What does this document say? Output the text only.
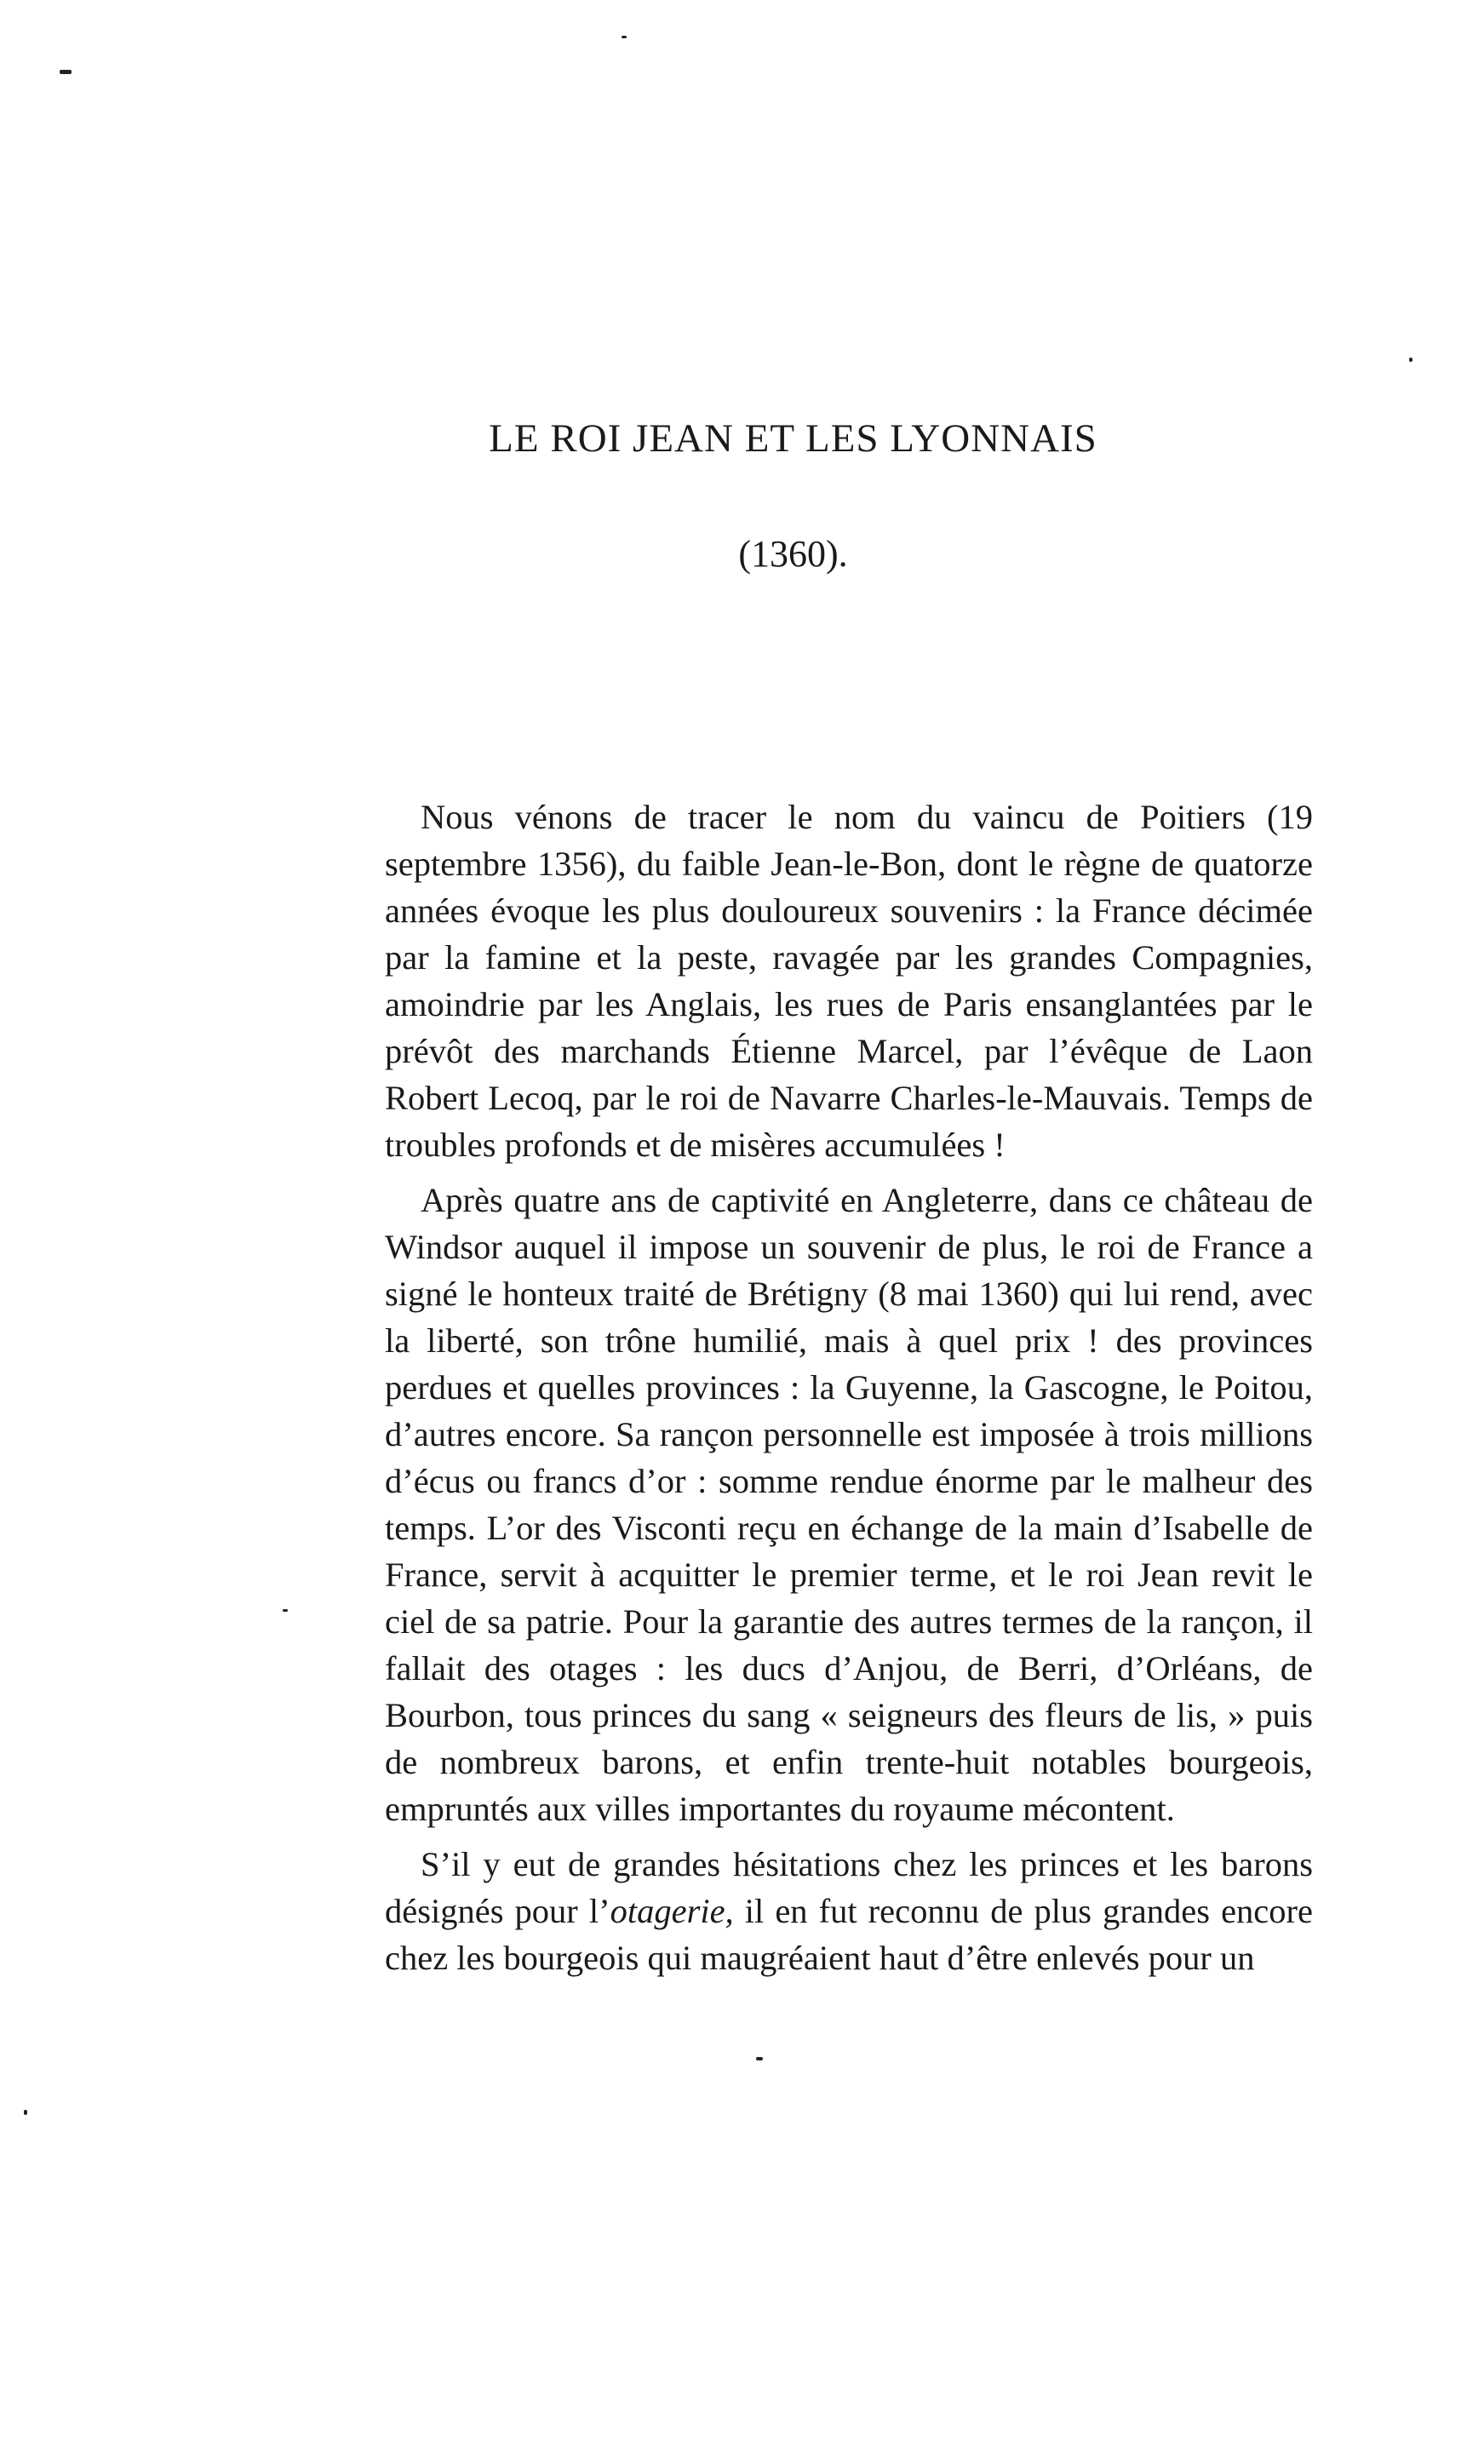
LE ROI JEAN ET LES LYONNAIS
(1360).

Nous vénons de tracer le nom du vaincu de Poitiers (19 septembre 1356), du faible Jean-le-Bon, dont le règne de quatorze années évoque les plus douloureux souvenirs : la France décimée par la famine et la peste, ravagée par les grandes Compagnies, amoindrie par les Anglais, les rues de Paris ensanglantées par le prévôt des marchands Étienne Marcel, par l’évêque de Laon Robert Lecoq, par le roi de Navarre Charles-le-Mauvais. Temps de troubles profonds et de misères accumulées !

Après quatre ans de captivité en Angleterre, dans ce château de Windsor auquel il impose un souvenir de plus, le roi de France a signé le honteux traité de Brétigny (8 mai 1360) qui lui rend, avec la liberté, son trône humilié, mais à quel prix ! des provinces perdues et quelles provinces : la Guyenne, la Gascogne, le Poitou, d’autres encore. Sa rançon personnelle est imposée à trois millions d’écus ou francs d’or : somme rendue énorme par le malheur des temps. L’or des Visconti reçu en échange de la main d’Isabelle de France, servit à acquitter le premier terme, et le roi Jean revit le ciel de sa patrie. Pour la garantie des autres termes de la rançon, il fallait des otages : les ducs d’Anjou, de Berri, d’Orléans, de Bourbon, tous princes du sang « seigneurs des fleurs de lis, » puis de nombreux barons, et enfin trente-huit notables bourgeois, empruntés aux villes importantes du royaume mécontent.

S’il y eut de grandes hésitations chez les princes et les barons désignés pour l’otagerie, il en fut reconnu de plus grandes encore chez les bourgeois qui maugréaient haut d’être enlevés pour un
